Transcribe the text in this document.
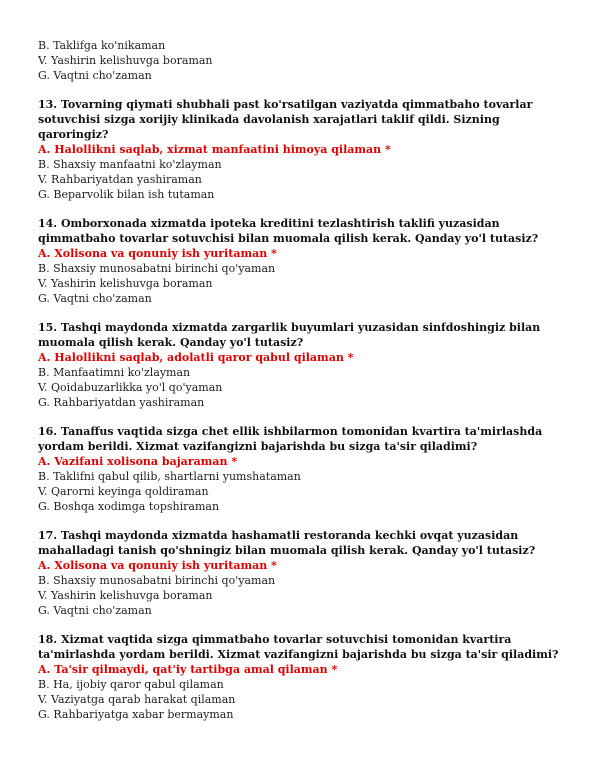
B. Taklifga ko'nikaman

V. Yashirin kelishuvga boraman

G. Vaqtni cho'zaman

13. Tovarning qiymati shubhali past ko'rsatilgan vaziyatda qimmatbaho tovarlar sotuvchisi sizga xorijiy klinikada davolanish xarajatlari taklif qildi. Sizning qaroringiz?

A. Halollikni saqlab, xizmat manfaatini himoya qilaman *

B. Shaxsiy manfaatni ko'zlayman

V. Rahbariyatdan yashiraman

G. Beparvolik bilan ish tutaman

14. Omborxonada xizmatda ipoteka kreditini tezlashtirish taklifi yuzasidan qimmatbaho tovarlar sotuvchisi bilan muomala qilish kerak. Qanday yo'l tutasiz?

A. Xolisona va qonuniy ish yuritaman *

B. Shaxsiy munosabatni birinchi qo'yaman

V. Yashirin kelishuvga boraman

G. Vaqtni cho'zaman

15. Tashqi maydonda xizmatda zargarlik buyumlari yuzasidan sinfdoshingiz bilan muomala qilish kerak. Qanday yo'l tutasiz?

A. Halollikni saqlab, adolatli qaror qabul qilaman *

B. Manfaatimni ko'zlayman

V. Qoidabuzarlikka yo'l qo'yaman

G. Rahbariyatdan yashiraman

16. Tanaffus vaqtida sizga chet ellik ishbilarmon tomonidan kvartira ta'mirlashda yordam berildi. Xizmat vazifangizni bajarishda bu sizga ta'sir qiladimi?

A. Vazifani xolisona bajaraman *

B. Taklifni qabul qilib, shartlarni yumshataman

V. Qarorni keyinga qoldiraman

G. Boshqa xodimga topshiraman

17. Tashqi maydonda xizmatda hashamatli restoranda kechki ovqat yuzasidan mahalladagi tanish qo'shningiz bilan muomala qilish kerak. Qanday yo'l tutasiz?

A. Xolisona va qonuniy ish yuritaman *

B. Shaxsiy munosabatni birinchi qo'yaman

V. Yashirin kelishuvga boraman

G. Vaqtni cho'zaman

18. Xizmat vaqtida sizga qimmatbaho tovarlar sotuvchisi tomonidan kvartira ta'mirlashda yordam berildi. Xizmat vazifangizni bajarishda bu sizga ta'sir qiladimi?

A. Ta'sir qilmaydi, qat'iy tartibga amal qilaman *

B. Ha, ijobiy qaror qabul qilaman

V. Vaziyatga qarab harakat qilaman

G. Rahbariyatga xabar bermayman
